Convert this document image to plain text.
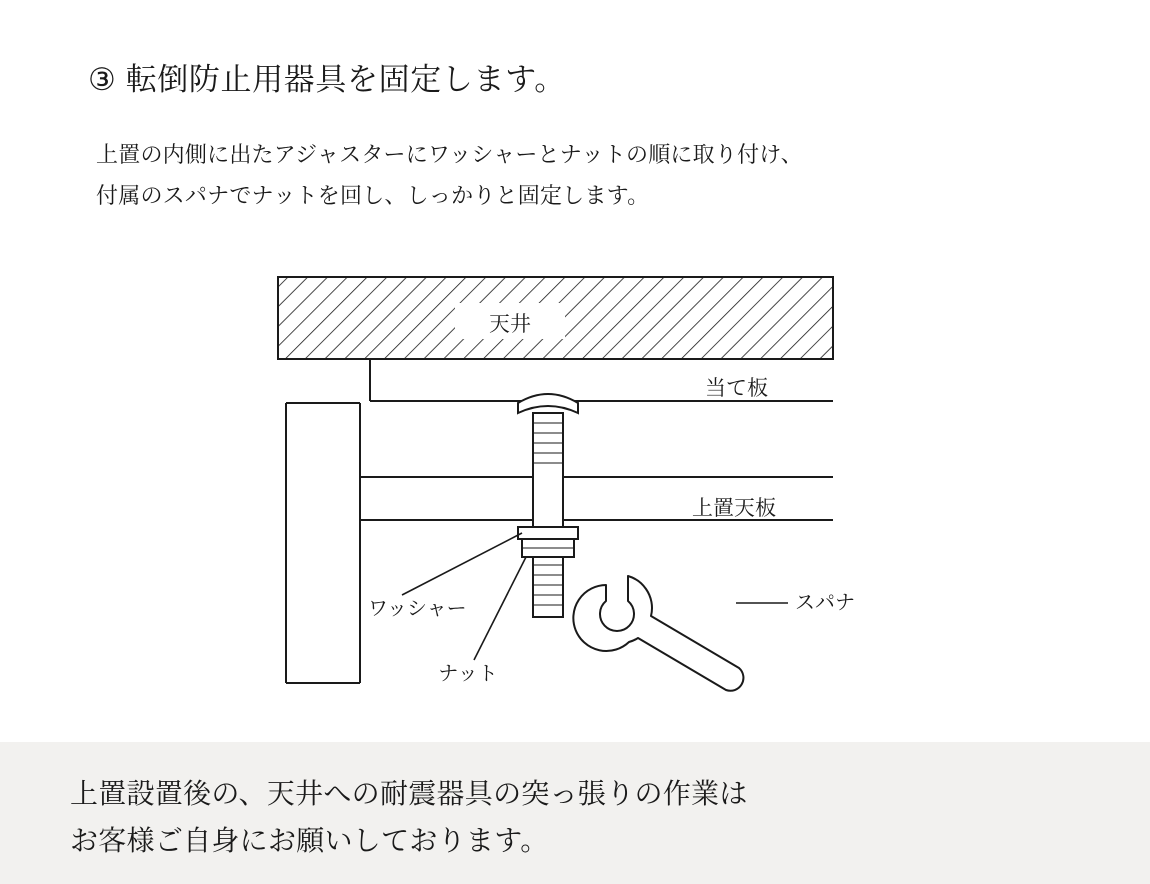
③ 転倒防止用器具を固定します。
上置の内側に出たアジャスターにワッシャーとナットの順に取り付け、
付属のスパナでナットを回し、しっかりと固定します。
天井
当て板
上置天板
ワッシャー
ナット
スパナ
上置設置後の、天井への耐震器具の突っ張りの作業は
お客様ご自身にお願いしております。
